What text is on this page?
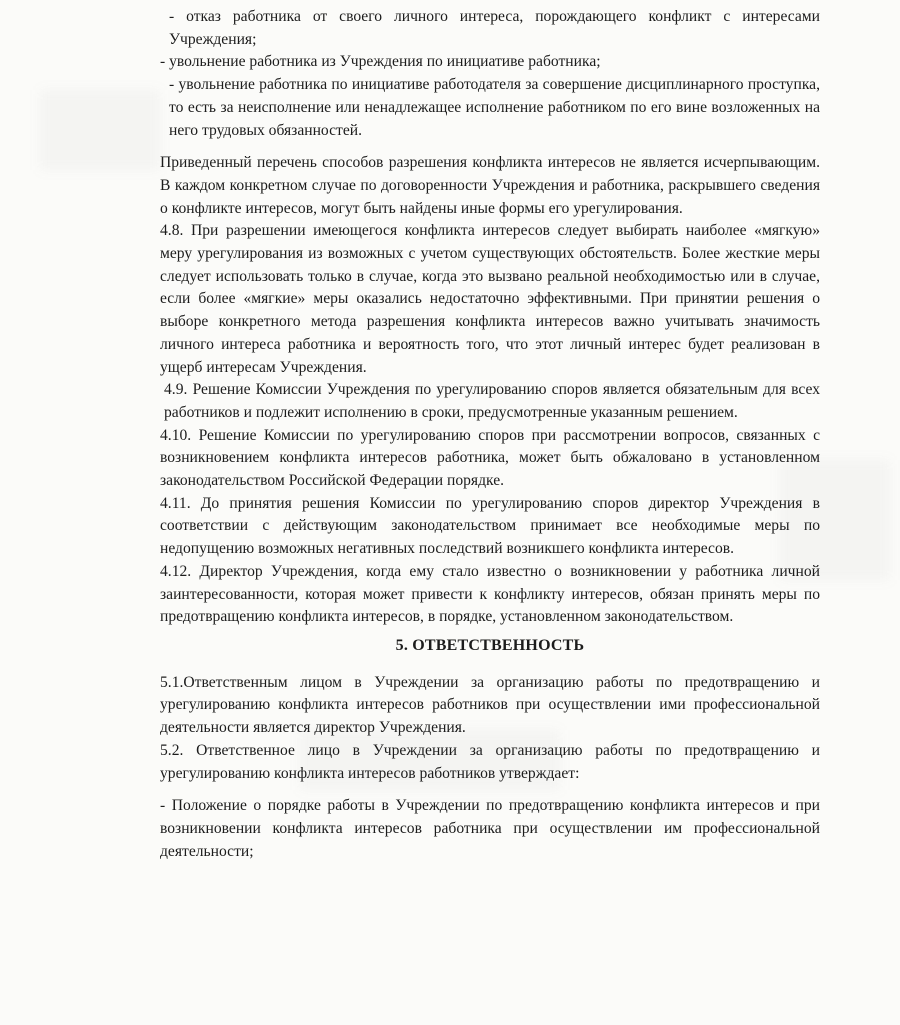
- отказ работника от своего личного интереса, порождающего конфликт с интересами Учреждения;

- увольнение работника из Учреждения по инициативе работника;

- увольнение работника по инициативе работодателя за совершение дисциплинарного проступка, то есть за неисполнение или ненадлежащее исполнение работником по его вине возложенных на него трудовых обязанностей.

Приведенный перечень способов разрешения конфликта интересов не является исчерпывающим. В каждом конкретном случае по договоренности Учреждения и работника, раскрывшего сведения о конфликте интересов, могут быть найдены иные формы его урегулирования.

4.8. При разрешении имеющегося конфликта интересов следует выбирать наиболее «мягкую» меру урегулирования из возможных с учетом существующих обстоятельств. Более жесткие меры следует использовать только в случае, когда это вызвано реальной необходимостью или в случае, если более «мягкие» меры оказались недостаточно эффективными. При принятии решения о выборе конкретного метода разрешения конфликта интересов важно учитывать значимость личного интереса работника и вероятность того, что этот личный интерес будет реализован в ущерб интересам Учреждения.

4.9. Решение Комиссии Учреждения по урегулированию споров является обязательным для всех работников и подлежит исполнению в сроки, предусмотренные указанным решением.

4.10. Решение Комиссии по урегулированию споров при рассмотрении вопросов, связанных с возникновением конфликта интересов работника, может быть обжаловано в установленном законодательством Российской Федерации порядке.

4.11. До принятия решения Комиссии по урегулированию споров директор Учреждения в соответствии с действующим законодательством принимает все необходимые меры по недопущению возможных негативных последствий возникшего конфликта интересов.

4.12. Директор Учреждения, когда ему стало известно о возникновении у работника личной заинтересованности, которая может привести к конфликту интересов, обязан принять меры по предотвращению конфликта интересов, в порядке, установленном законодательством.

5. ОТВЕТСТВЕННОСТЬ

5.1.Ответственным лицом в Учреждении за организацию работы по предотвращению и урегулированию конфликта интересов работников при осуществлении ими профессиональной деятельности является директор Учреждения.

5.2. Ответственное лицо в Учреждении за организацию работы по предотвращению и урегулированию конфликта интересов работников утверждает:

- Положение о порядке работы в Учреждении по предотвращению конфликта интересов и при возникновении конфликта интересов работника при осуществлении им профессиональной деятельности;
